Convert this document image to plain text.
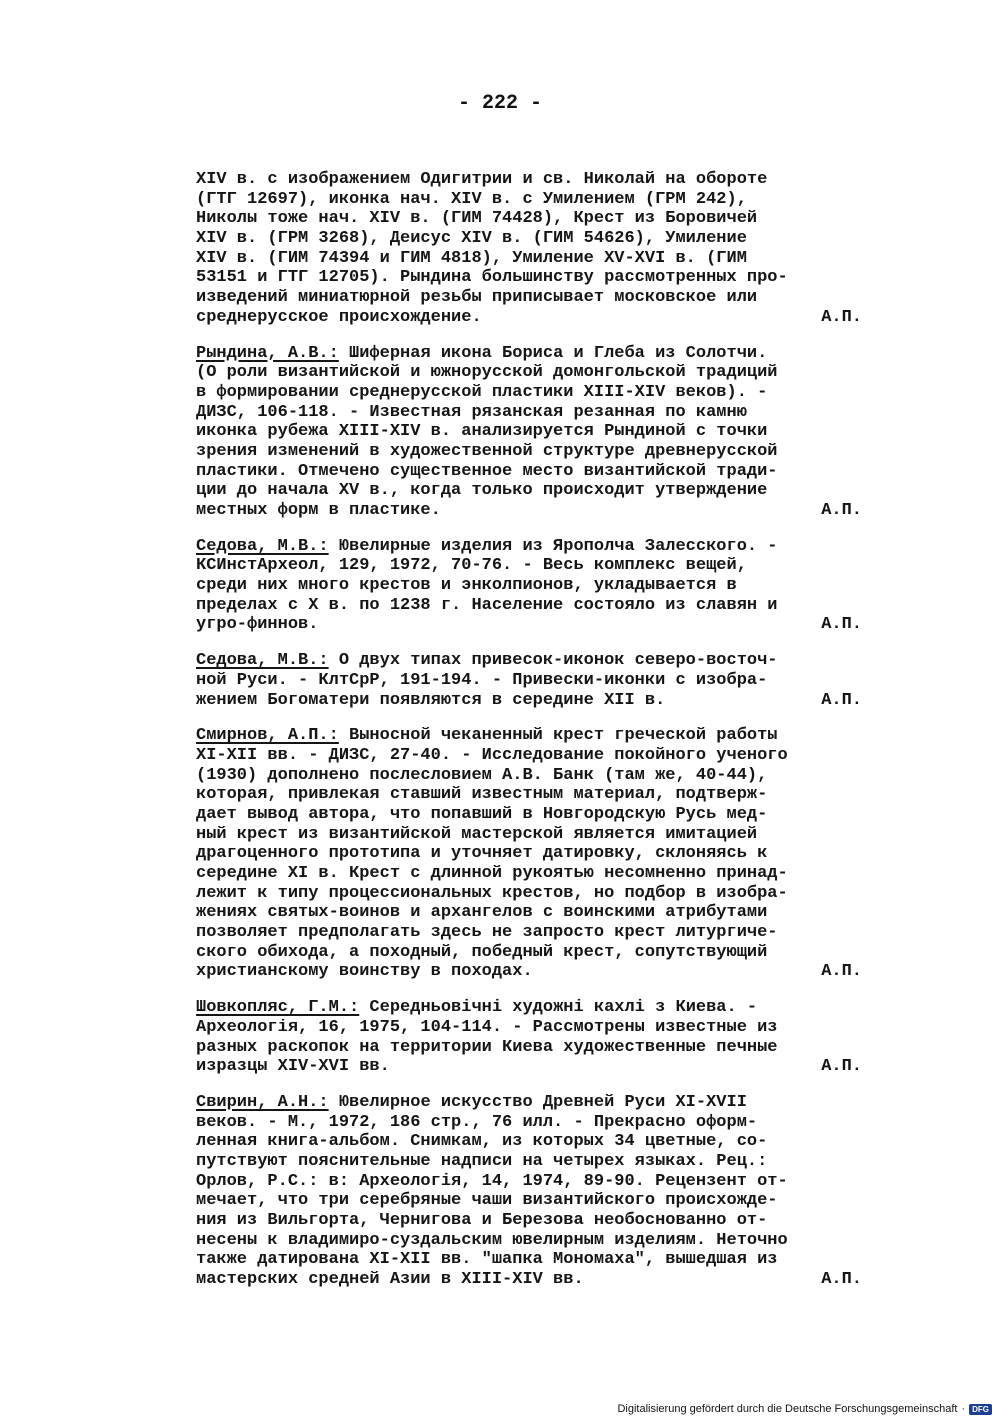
- 222 -
XIV в. с изображением Одигитрии и св. Николай на обороте
(ГТГ 12697), иконка нач. XIV в. с Умилением (ГРМ 242),
Николы тоже нач. XIV в. (ГИМ 74428), Крест из Боровичей
XIV в. (ГРМ 3268), Деисус XIV в. (ГИМ 54626), Умиление
XIV в. (ГИМ 74394 и ГИМ 4818), Умиление XV-XVI в. (ГИМ
53151 и ГТГ 12705). Рындина большинству рассмотренных про-
изведений миниатюрной резьбы приписывает московское или
среднерусское происхождение.	А.П.
Рындина, А.В.: Шиферная икона Бориса и Глеба из Солотчи.
(О роли византийской и южнорусской домонгольской традиций
в формировании среднерусской пластики XIII-XIV веков). -
ДИЗС, 106-118. - Известная рязанская резанная по камню
иконка рубежа XIII-XIV в. анализируется Рындиной с точки
зрения изменений в художественной структуре древнерусской
пластики. Отмечено существенное место византийской тради-
ции до начала XV в., когда только происходит утверждение
местных форм в пластике.	А.П.
Седова, М.В.: Ювелирные изделия из Ярополча Залесского. -
КСИнстАрхеол, 129, 1972, 70-76. - Весь комплекс вещей,
среди них много крестов и энколпионов, укладывается в
пределах с X в. по 1238 г. Население состояло из славян и
угро-финнов.	А.П.
Седова, М.В.: О двух типах привесок-иконок северо-восточ-
ной Руси. - КлтСрР, 191-194. - Привески-иконки с изобра-
жением Богоматери появляются в середине XII в.	А.П.
Смирнов, А.П.: Выносной чеканенный крест греческой работы
XI-XII вв. - ДИЗС, 27-40. - Исследование покойного ученого
(1930) дополнено послесловием А.В. Банк (там же, 40-44),
которая, привлекая ставший известным материал, подтверж-
дает вывод автора, что попавший в Новгородскую Русь мед-
ный крест из византийской мастерской является имитацией
драгоценного прототипа и уточняет датировку, склоняясь к
середине XI в. Крест с длинной рукоятью несомненно принад-
лежит к типу процессиональных крестов, но подбор в изобра-
жениях святых-воинов и архангелов с воинскими атрибутами
позволяет предполагать здесь не запросто крест литургиче-
ского обихода, а походный, победный крест, сопутствующий
христианскому воинству в походах.	А.П.
Шовкопляс, Г.М.: Середньовічні художні кахлі з Киева. -
Археологія, 16, 1975, 104-114. - Рассмотрены известные из
разных раскопок на территории Киева художественные печные
изразцы XIV-XVI вв.	А.П.
Свирин, А.Н.: Ювелирное искусство Древней Руси XI-XVII
веков. - М., 1972, 186 стр., 76 илл. - Прекрасно оформ-
ленная книга-альбом. Снимкам, из которых 34 цветные, со-
путствуют пояснительные надписи на четырех языках. Рец.:
Орлов, Р.С.: в: Археологія, 14, 1974, 89-90. Рецензент от-
мечает, что три серебряные чаши византийского происхожде-
ния из Вильгорта, Чернигова и Березова необоснованно от-
несены к владимиро-суздальским ювелирным изделиям. Неточно
также датирована XI-XII вв. "шапка Мономаха", вышедшая из
мастерских средней Азии в XIII-XIV вв.	А.П.
Digitalisierung gefördert durch die Deutsche Forschungsgemeinschaft · DFG
